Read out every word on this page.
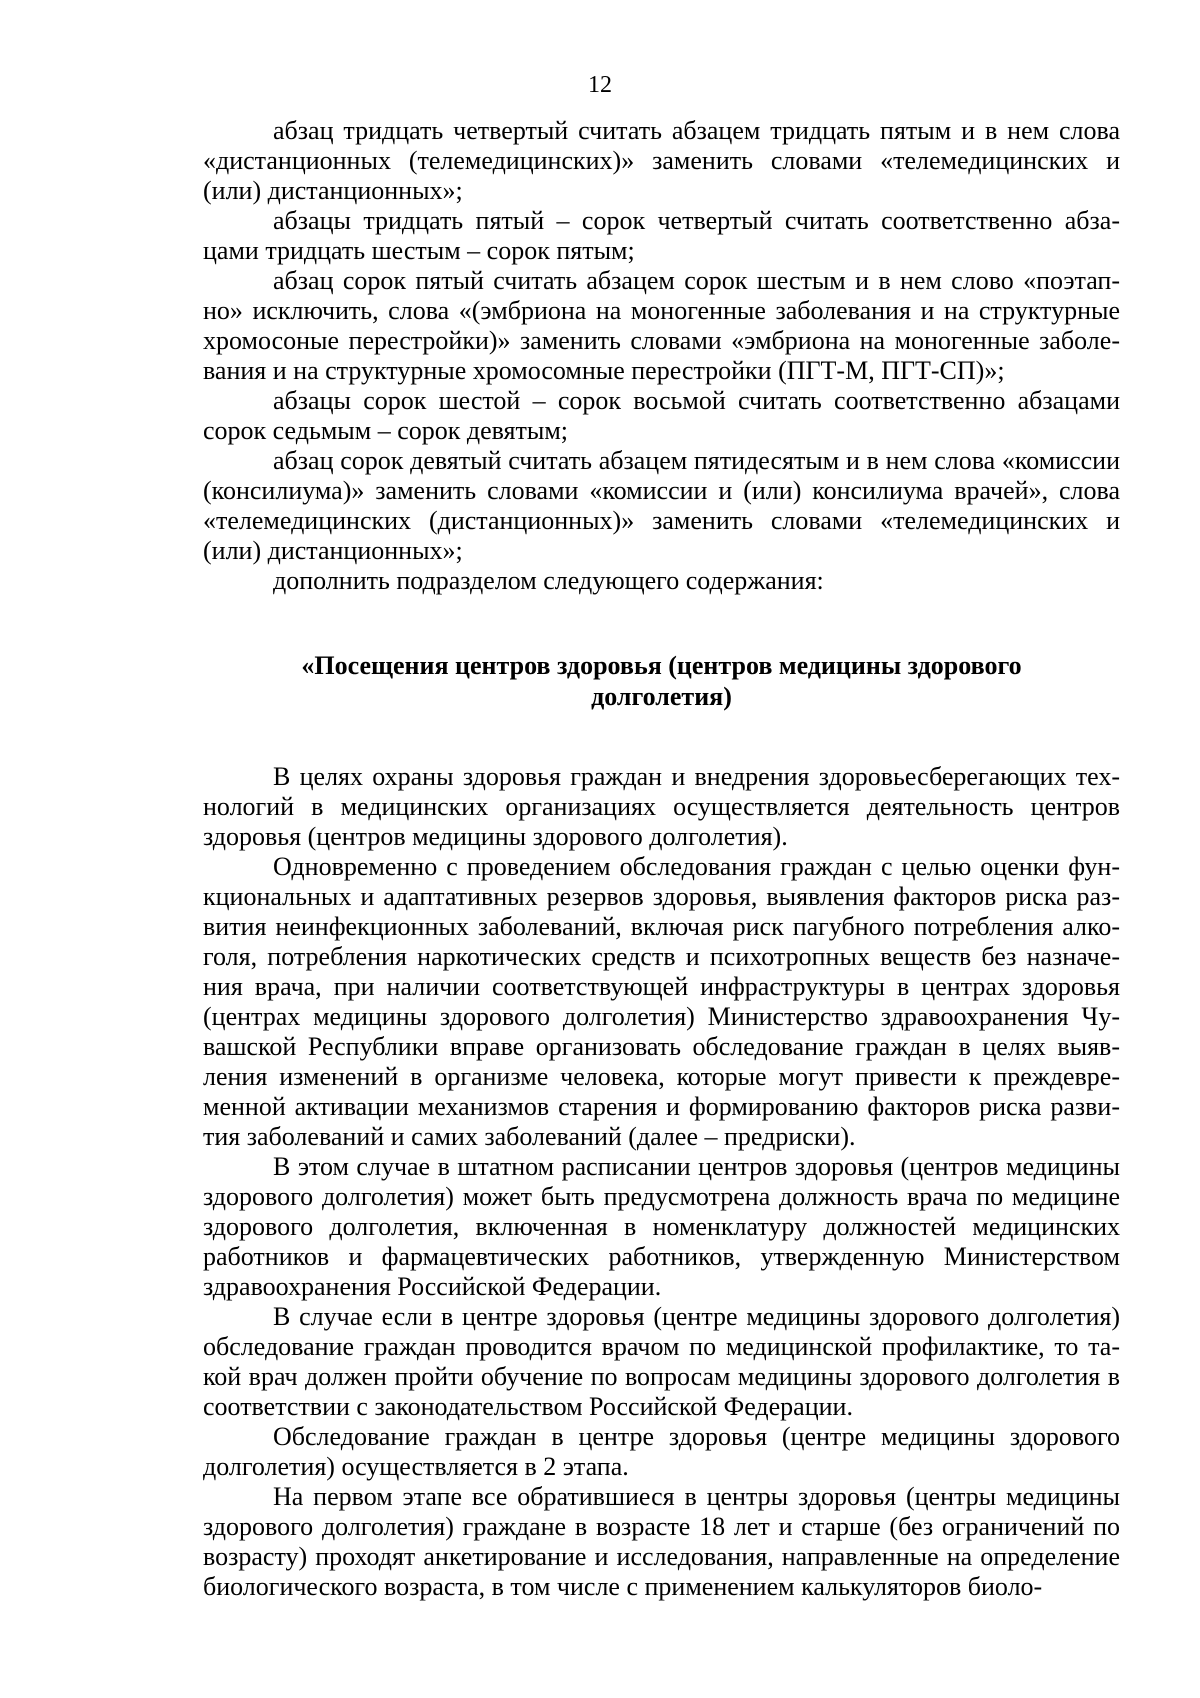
12

абзац тридцать четвертый считать абзацем тридцать пятым и в нем слова «дистанционных (телемедицинских)» заменить словами «телемедицинских и (или) дистанционных»;

абзацы тридцать пятый – сорок четвертый считать соответственно абзацами тридцать шестым – сорок пятым;

абзац сорок пятый считать абзацем сорок шестым и в нем слово «поэтапно» исключить, слова «(эмбриона на моногенные заболевания и на структурные хромосоные перестройки)» заменить словами «эмбриона на моногенные заболевания и на структурные хромосомные перестройки (ПГТ-М, ПГТ-СП)»;

абзацы сорок шестой – сорок восьмой считать соответственно абзацами сорок седьмым – сорок девятым;

абзац сорок девятый считать абзацем пятидесятым и в нем слова «комиссии (консилиума)» заменить словами «комиссии и (или) консилиума врачей», слова «телемедицинских (дистанционных)» заменить словами «телемедицинских и (или) дистанционных»;

дополнить подразделом следующего содержания:

«Посещения центров здоровья (центров медицины здорового долголетия)

В целях охраны здоровья граждан и внедрения здоровьесберегающих технологий в медицинских организациях осуществляется деятельность центров здоровья (центров медицины здорового долголетия).

Одновременно с проведением обследования граждан с целью оценки функциональных и адаптативных резервов здоровья, выявления факторов риска развития неинфекционных заболеваний, включая риск пагубного потребления алкоголя, потребления наркотических средств и психотропных веществ без назначения врача, при наличии соответствующей инфраструктуры в центрах здоровья (центрах медицины здорового долголетия) Министерство здравоохранения Чувашской Республики вправе организовать обследование граждан в целях выявления изменений в организме человека, которые могут привести к преждевременной активации механизмов старения и формированию факторов риска развития заболеваний и самих заболеваний (далее – предриски).

В этом случае в штатном расписании центров здоровья (центров медицины здорового долголетия) может быть предусмотрена должность врача по медицине здорового долголетия, включенная в номенклатуру должностей медицинских работников и фармацевтических работников, утвержденную Министерством здравоохранения Российской Федерации.

В случае если в центре здоровья (центре медицины здорового долголетия) обследование граждан проводится врачом по медицинской профилактике, то такой врач должен пройти обучение по вопросам медицины здорового долголетия в соответствии с законодательством Российской Федерации.

Обследование граждан в центре здоровья (центре медицины здорового долголетия) осуществляется в 2 этапа.

На первом этапе все обратившиеся в центры здоровья (центры медицины здорового долголетия) граждане в возрасте 18 лет и старше (без ограничений по возрасту) проходят анкетирование и исследования, направленные на определение биологического возраста, в том числе с применением калькуляторов биоло-
